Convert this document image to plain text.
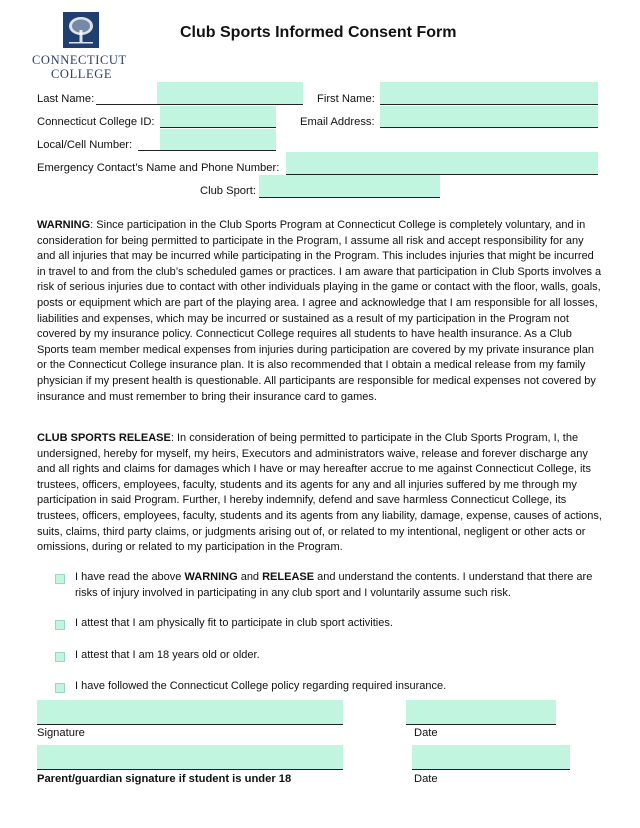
CONNECTICUT
COLLEGE
Club Sports Informed Consent Form
Last Name:	First Name:
Connecticut College ID:	Email Address:
Local/Cell Number:
Emergency Contact’s Name and Phone Number:
Club Sport:
WARNING: Since participation in the Club Sports Program at Connecticut College is completely voluntary, and in consideration for being permitted to participate in the Program, I assume all risk and accept responsibility for any and all injuries that may be incurred while participating in the Program. This includes injuries that might be incurred in travel to and from the club’s scheduled games or practices. I am aware that participation in Club Sports involves a risk of serious injuries due to contact with other individuals playing in the game or contact with the floor, walls, goals, posts or equipment which are part of the playing area. I agree and acknowledge that I am responsible for all losses, liabilities and expenses, which may be incurred or sustained as a result of my participation in the Program not covered by my insurance policy. Connecticut College requires all students to have health insurance. As a Club Sports team member medical expenses from injuries during participation are covered by my private insurance plan or the Connecticut College insurance plan. It is also recommended that I obtain a medical release from my family physician if my present health is questionable. All participants are responsible for medical expenses not covered by insurance and must remember to bring their insurance card to games.
CLUB SPORTS RELEASE: In consideration of being permitted to participate in the Club Sports Program, I, the undersigned, hereby for myself, my heirs, Executors and administrators waive, release and forever discharge any and all rights and claims for damages which I have or may hereafter accrue to me against Connecticut College, its trustees, officers, employees, faculty, students and its agents for any and all injuries suffered by me through my participation in said Program. Further, I hereby indemnify, defend and save harmless Connecticut College, its trustees, officers, employees, faculty, students and its agents from any liability, damage, expense, causes of actions, suits, claims, third party claims, or judgments arising out of, or related to my intentional, negligent or other acts or omissions, during or related to my participation in the Program.
I have read the above WARNING and RELEASE and understand the contents. I understand that there are risks of injury involved in participating in any club sport and I voluntarily assume such risk.
I attest that I am physically fit to participate in club sport activities.
I attest that I am 18 years old or older.
I have followed the Connecticut College policy regarding required insurance.
Signature	Date
Parent/guardian signature if student is under 18	Date
